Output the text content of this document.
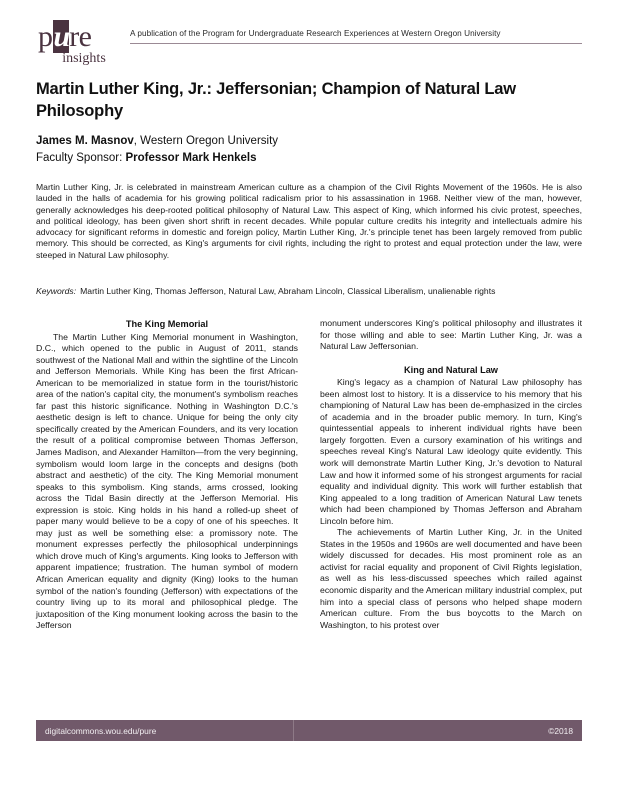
pure
insights
A publication of the Program for Undergraduate Research Experiences at Western Oregon University
Martin Luther King, Jr.: Jeffersonian; Champion of Natural Law Philosophy
James M. Masnov, Western Oregon University
Faculty Sponsor: Professor Mark Henkels
Martin Luther King, Jr. is celebrated in mainstream American culture as a champion of the Civil Rights Movement of the 1960s. He is also lauded in the halls of academia for his growing political radicalism prior to his assassination in 1968. Neither view of the man, however, generally acknowledges his deep-rooted political philosophy of Natural Law. This aspect of King, which informed his civic protest, speeches, and political ideology, has been given short shrift in recent decades. While popular culture credits his integrity and intellectuals admire his advocacy for significant reforms in domestic and foreign policy, Martin Luther King, Jr.'s principle tenet has been largely removed from public memory. This should be corrected, as King's arguments for civil rights, including the right to protest and equal protection under the law, were steeped in Natural Law philosophy.
Keywords: Martin Luther King, Thomas Jefferson, Natural Law, Abraham Lincoln, Classical Liberalism, unalienable rights
The King Memorial

The Martin Luther King Memorial monument in Washington, D.C., which opened to the public in August of 2011, stands southwest of the National Mall and within the sightline of the Lincoln and Jefferson Memorials. While King has been the first African-American to be memorialized in statue form in the tourist/historic area of the nation's capital city, the monument's symbolism reaches far past this historic significance. Nothing in Washington D.C.'s aesthetic design is left to chance. Unique for being the only city specifically created by the American Founders, and its very location the result of a political compromise between Thomas Jefferson, James Madison, and Alexander Hamilton—from the very beginning, symbolism would loom large in the concepts and designs (both abstract and aesthetic) of the city. The King Memorial monument speaks to this symbolism. King stands, arms crossed, looking across the Tidal Basin directly at the Jefferson Memorial. His expression is stoic. King holds in his hand a rolled-up sheet of paper many would believe to be a copy of one of his speeches. It may just as well be something else: a promissory note. The monument expresses perfectly the philosophical underpinnings which drove much of King's arguments. King looks to Jefferson with apparent impatience; frustration. The human symbol of modern African American equality and dignity (King) looks to the human symbol of the nation's founding (Jefferson) with expectations of the country living up to its moral and philosophical pledge. The juxtaposition of the King monument looking across the basin to the Jefferson

monument underscores King's political philosophy and illustrates it for those willing and able to see: Martin Luther King, Jr. was a Natural Law Jeffersonian.

King and Natural Law

King's legacy as a champion of Natural Law philosophy has been almost lost to history. It is a disservice to his memory that his championing of Natural Law has been de-emphasized in the circles of academia and in the broader public memory. In turn, King's quintessential appeals to inherent individual rights have been largely forgotten. Even a cursory examination of his writings and speeches reveal King's Natural Law ideology quite evidently. This work will demonstrate Martin Luther King, Jr.'s devotion to Natural Law and how it informed some of his strongest arguments for racial equality and individual dignity. This work will further establish that King appealed to a long tradition of American Natural Law tenets which had been championed by Thomas Jefferson and Abraham Lincoln before him.

The achievements of Martin Luther King, Jr. in the United States in the 1950s and 1960s are well documented and have been widely discussed for decades. His most prominent role as an activist for racial equality and proponent of Civil Rights legislation, as well as his less-discussed speeches which railed against economic disparity and the American military industrial complex, put him into a special class of persons who helped shape modern American culture. From the bus boycotts to the March on Washington, to his protest over

digitalcommons.wou.edu/pure	©2018
